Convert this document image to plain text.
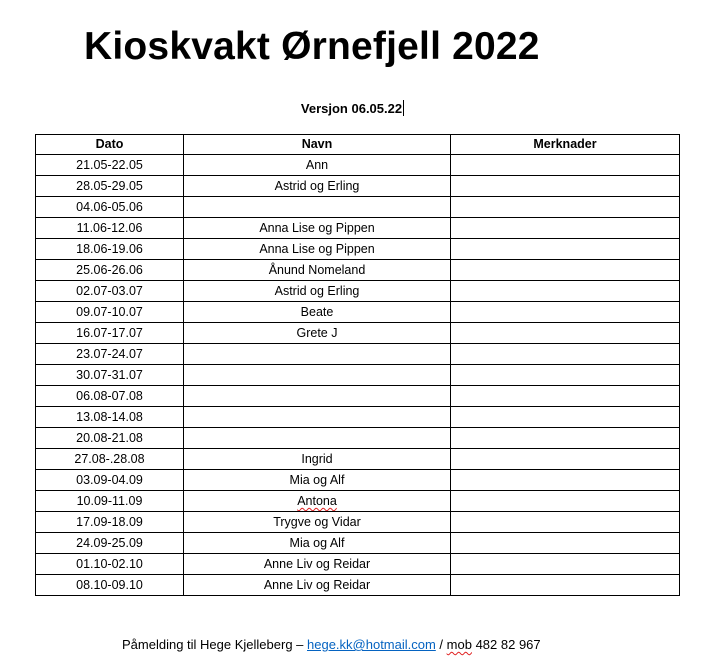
Kioskvakt Ørnefjell 2022
Versjon 06.05.22
Dato	Navn	Merknader
21.05-22.05	Ann	
28.05-29.05	Astrid og Erling	
04.06-05.06		
11.06-12.06	Anna Lise og Pippen	
18.06-19.06	Anna Lise og Pippen	
25.06-26.06	Ånund Nomeland	
02.07-03.07	Astrid og Erling	
09.07-10.07	Beate	
16.07-17.07	Grete J	
23.07-24.07		
30.07-31.07		
06.08-07.08		
13.08-14.08		
20.08-21.08		
27.08-.28.08	Ingrid	
03.09-04.09	Mia og Alf	
10.09-11.09	Antona	
17.09-18.09	Trygve og Vidar	
24.09-25.09	Mia og Alf	
01.10-02.10	Anne Liv og Reidar	
08.10-09.10	Anne Liv og Reidar	
Påmelding til Hege Kjelleberg – hege.kk@hotmail.com / mob 482 82 967
